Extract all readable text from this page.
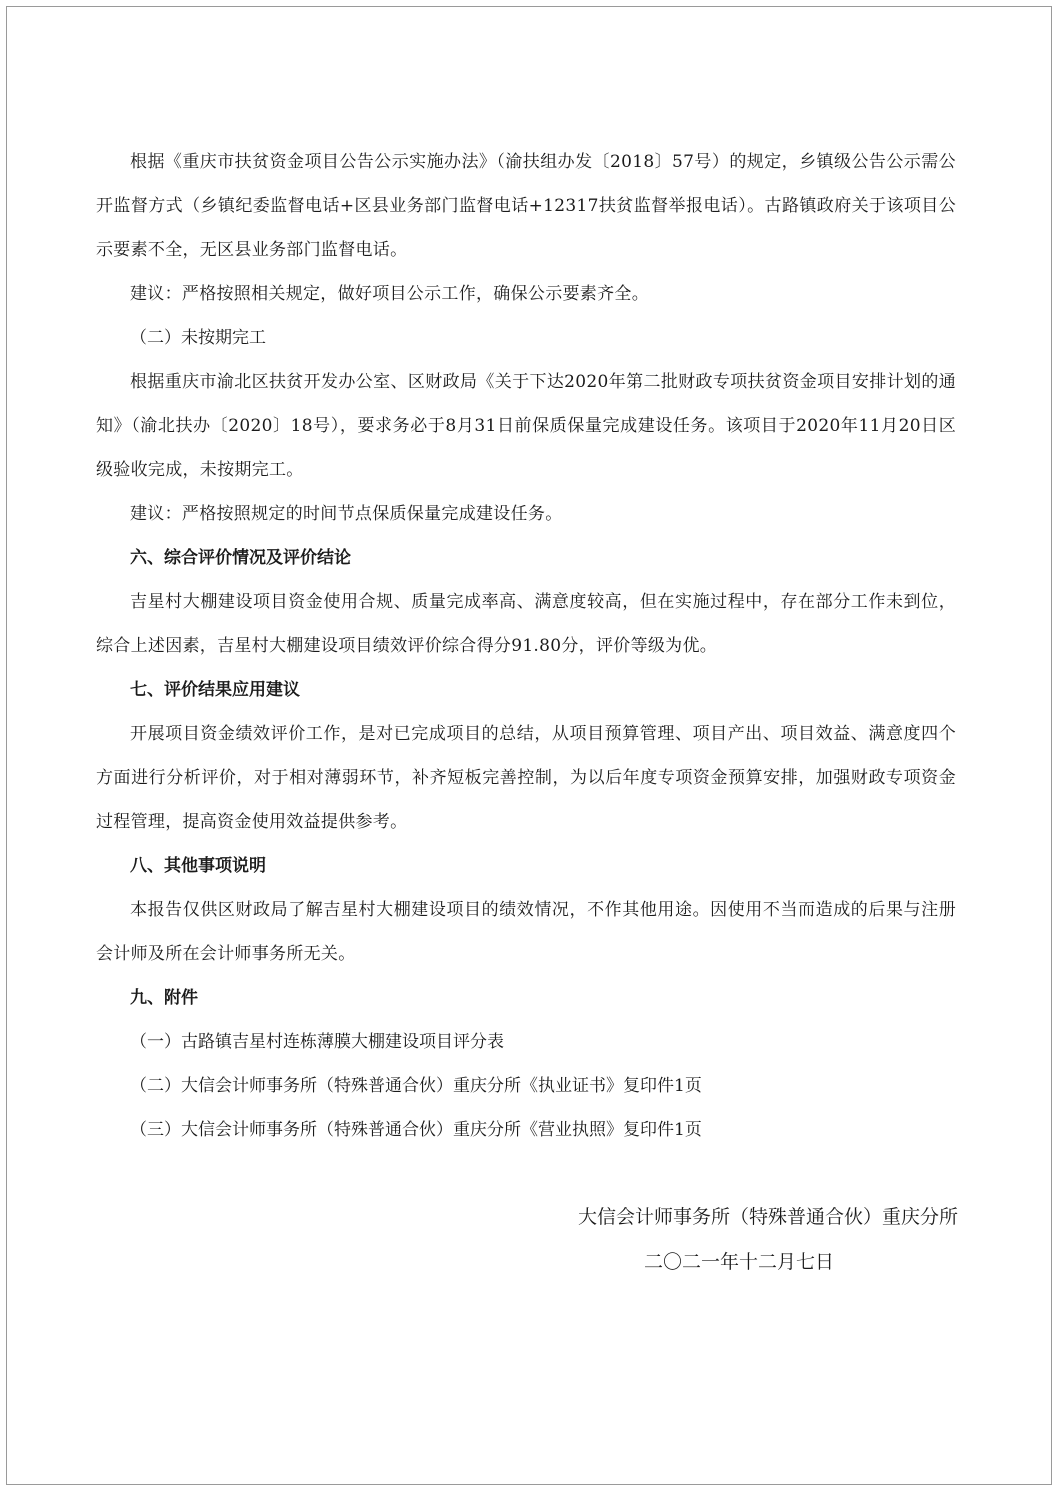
根据《重庆市扶贫资金项目公告公示实施办法》（渝扶组办发〔2018〕57号）的规定，乡镇级公告公示需公开监督方式（乡镇纪委监督电话+区县业务部门监督电话+12317扶贫监督举报电话）。古路镇政府关于该项目公示要素不全，无区县业务部门监督电话。

建议：严格按照相关规定，做好项目公示工作，确保公示要素齐全。

（二）未按期完工

根据重庆市渝北区扶贫开发办公室、区财政局《关于下达2020年第二批财政专项扶贫资金项目安排计划的通知》（渝北扶办〔2020〕18号），要求务必于8月31日前保质保量完成建设任务。该项目于2020年11月20日区级验收完成，未按期完工。

建议：严格按照规定的时间节点保质保量完成建设任务。

六、综合评价情况及评价结论

吉星村大棚建设项目资金使用合规、质量完成率高、满意度较高，但在实施过程中，存在部分工作未到位，综合上述因素，吉星村大棚建设项目绩效评价综合得分91.80分，评价等级为优。

七、评价结果应用建议

开展项目资金绩效评价工作，是对已完成项目的总结，从项目预算管理、项目产出、项目效益、满意度四个方面进行分析评价，对于相对薄弱环节，补齐短板完善控制，为以后年度专项资金预算安排，加强财政专项资金过程管理，提高资金使用效益提供参考。

八、其他事项说明

本报告仅供区财政局了解吉星村大棚建设项目的绩效情况，不作其他用途。因使用不当而造成的后果与注册会计师及所在会计师事务所无关。

九、附件

（一）古路镇吉星村连栋薄膜大棚建设项目评分表

（二）大信会计师事务所（特殊普通合伙）重庆分所《执业证书》复印件1页

（三）大信会计师事务所（特殊普通合伙）重庆分所《营业执照》复印件1页

大信会计师事务所（特殊普通合伙）重庆分所
二〇二一年十二月七日
